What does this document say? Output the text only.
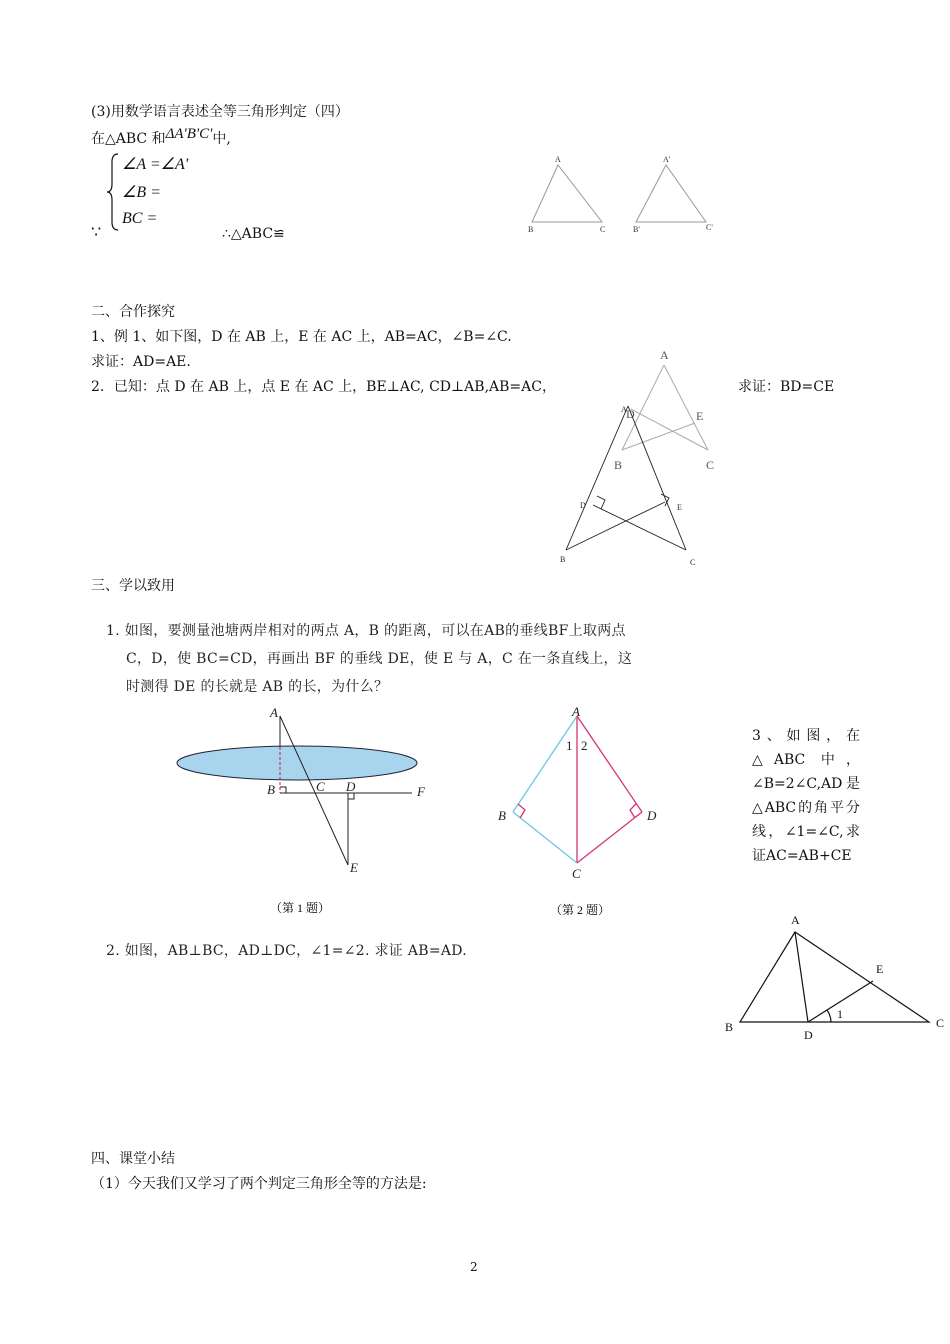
(3)用数学语言表述全等三角形判定（四）
在△ABC 和ΔA'B'C'中,
∠A =∠A'
∠B =
BC =
∵	∴△ABC≌
A
B	C
A'
B'	C'
二、合作探究
1、例 1、如下图，D 在 AB 上，E 在 AC 上，AB=AC，∠B=∠C.
求证：AD=AE.
2．已知：点 D 在 AB 上，点 E 在 AC 上，BE⊥AC, CD⊥AB,AB=AC，	求证：BD=CE
A
B	C
D	E
A
B	C
D	E
三、学以致用
1. 如图，要测量池塘两岸相对的两点 A，B 的距离，可以在AB的垂线BF上取两点
C，D，使 BC=CD，再画出 BF 的垂线 DE，使 E 与 A，C 在一条直线上，这
时测得 DE 的长就是 AB 的长，为什么？
A
B	C D
E
F
（第 1 题）
A
B
C
D
1 2
（第 2 题）
2. 如图，AB⊥BC，AD⊥DC，∠1=∠2. 求证 AB=AD.
3、如图，在△ABC 中，∠B=2∠C,AD是△ABC的角平分线，∠1=∠C,求证AC=AB+CE
A
B	C
D
E
1
四、课堂小结
（1）今天我们又学习了两个判定三角形全等的方法是:
2
